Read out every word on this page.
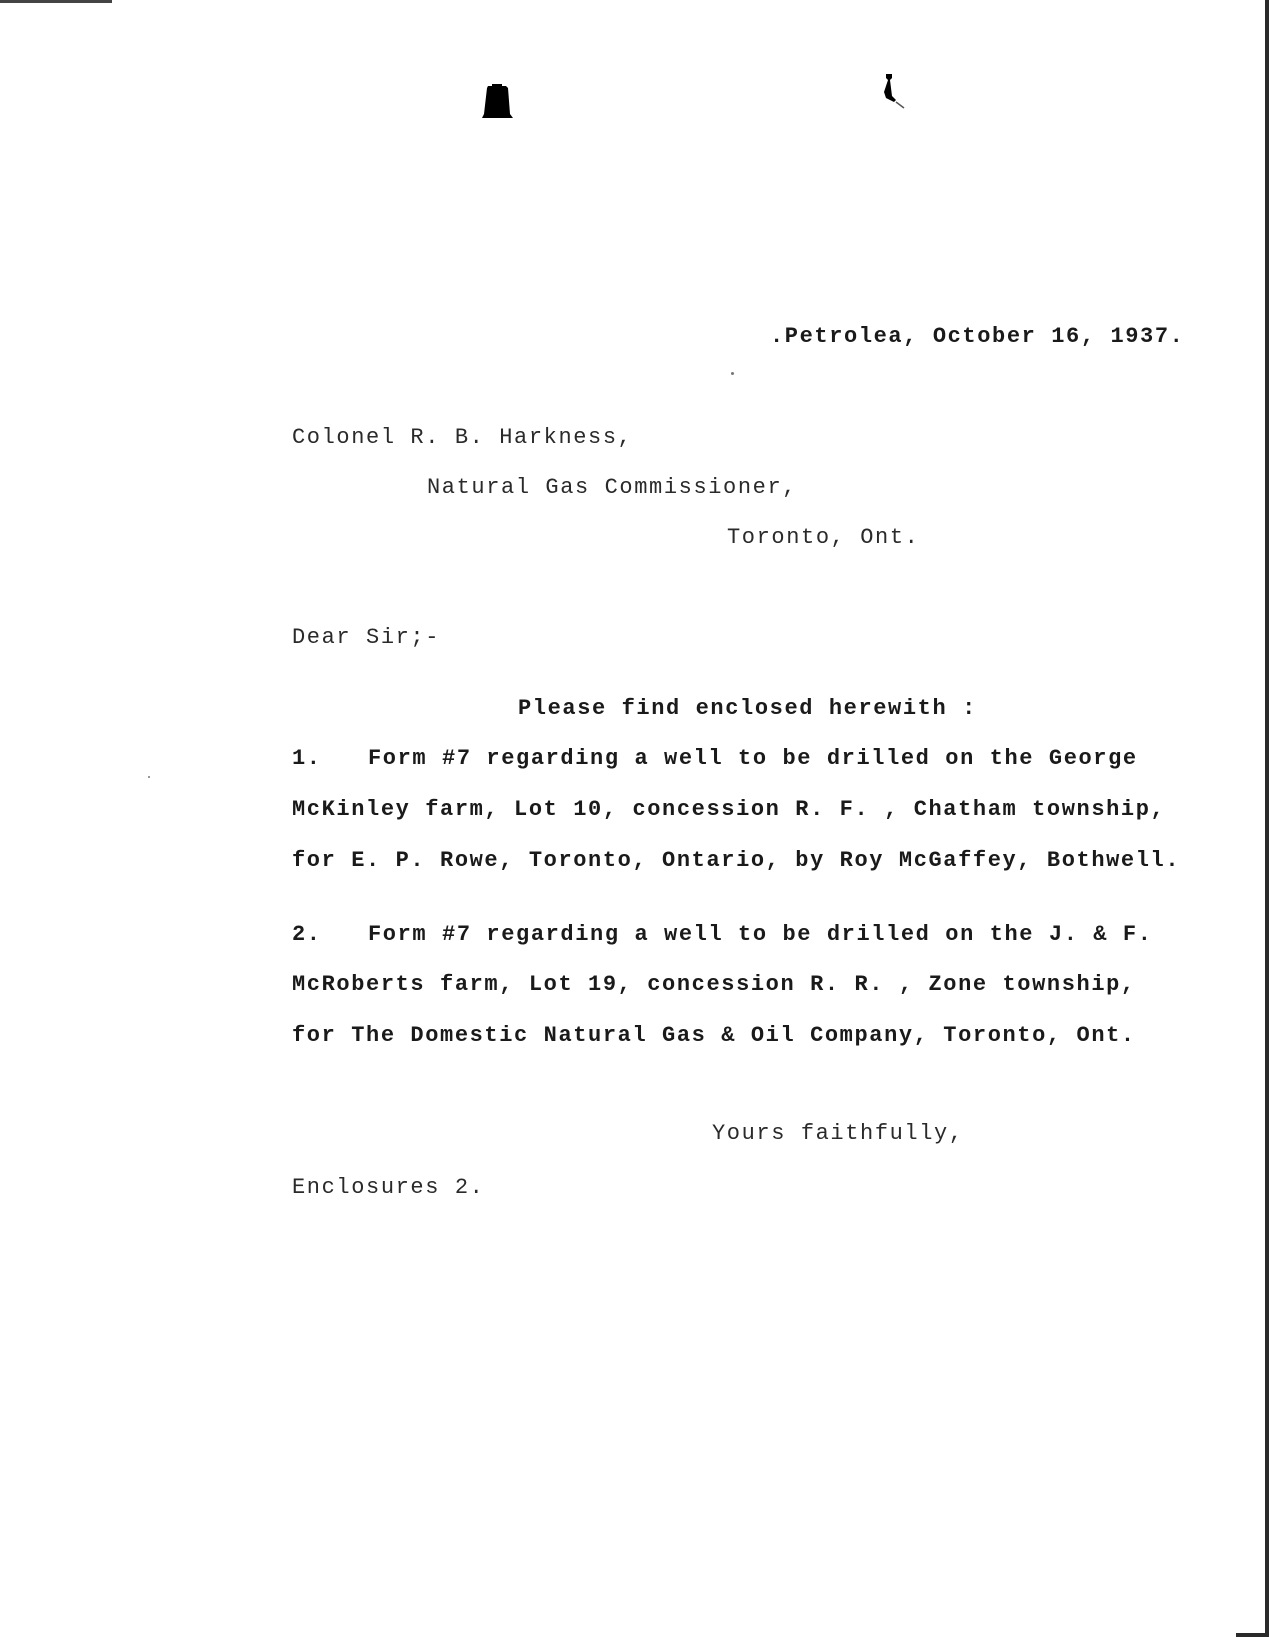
.Petrolea, October 16, 1937.
Colonel R. B. Harkness,
Natural Gas Commissioner,
Toronto, Ont.
Dear Sir;-
Please find enclosed herewith :
1. Form #7 regarding a well to be drilled on the George
McKinley farm, Lot 10, concession R. F. , Chatham township,
for E. P. Rowe, Toronto, Ontario, by Roy McGaffey, Bothwell.
2. Form #7 regarding a well to be drilled on the J. & F.
McRoberts farm, Lot 19, concession R. R. , Zone township,
for The Domestic Natural Gas & Oil Company, Toronto, Ont.
Yours faithfully,
Enclosures 2.
